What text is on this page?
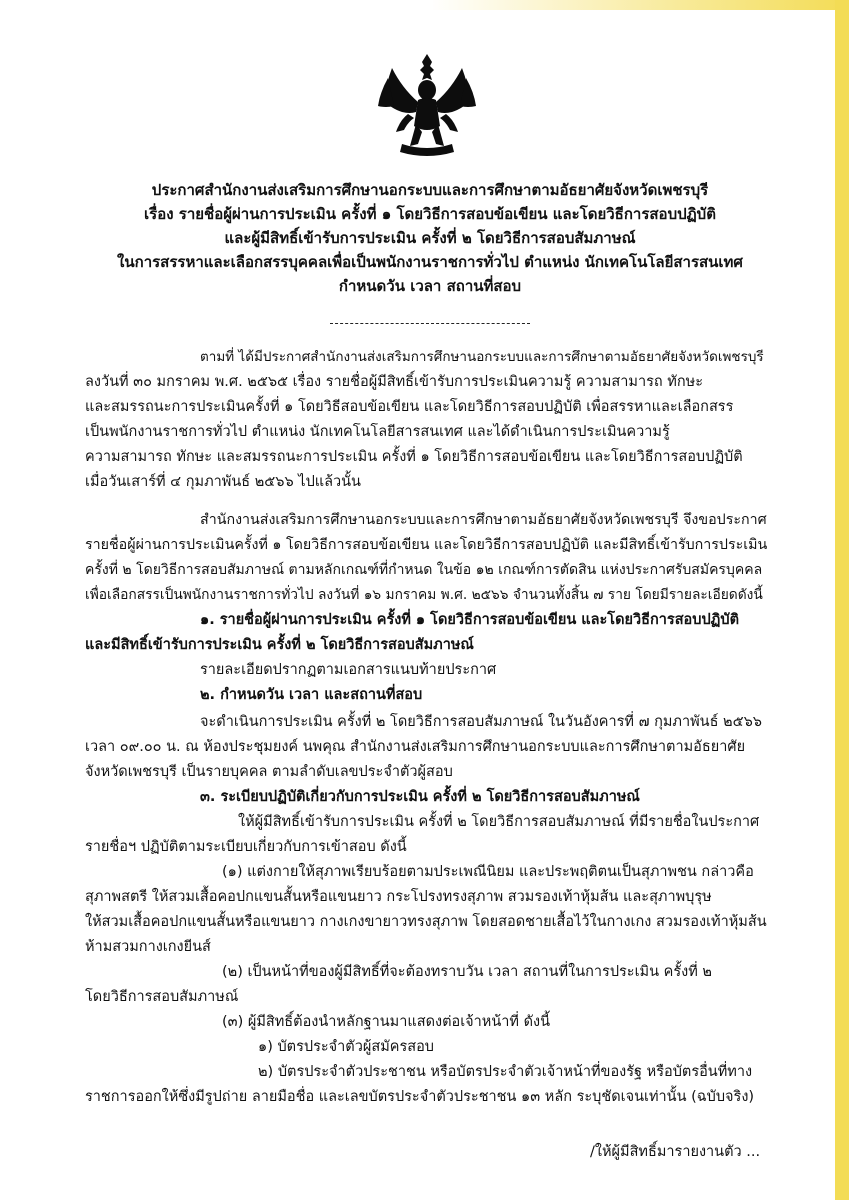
ประกาศสำนักงานส่งเสริมการศึกษานอกระบบและการศึกษาตามอัธยาศัยจังหวัดเพชรบุรี
เรื่อง รายชื่อผู้ผ่านการประเมิน ครั้งที่ ๑ โดยวิธีการสอบข้อเขียน และโดยวิธีการสอบปฏิบัติ
และผู้มีสิทธิ์เข้ารับการประเมิน ครั้งที่ ๒ โดยวิธีการสอบสัมภาษณ์
ในการสรรหาและเลือกสรรบุคคลเพื่อเป็นพนักงานราชการทั่วไป ตำแหน่ง นักเทคโนโลยีสารสนเทศ
กำหนดวัน เวลา สถานที่สอบ
ตามที่ ได้มีประกาศสำนักงานส่งเสริมการศึกษานอกระบบและการศึกษาตามอัธยาศัยจังหวัดเพชรบุรี
ลงวันที่ ๓๐ มกราคม พ.ศ. ๒๕๖๕ เรื่อง รายชื่อผู้มีสิทธิ์เข้ารับการประเมินความรู้ ความสามารถ ทักษะ
และสมรรถนะการประเมินครั้งที่ ๑ โดยวิธีสอบข้อเขียน และโดยวิธีการสอบปฏิบัติ เพื่อสรรหาและเลือกสรร
เป็นพนักงานราชการทั่วไป ตำแหน่ง นักเทคโนโลยีสารสนเทศ และได้ดำเนินการประเมินความรู้
ความสามารถ ทักษะ และสมรรถนะการประเมิน ครั้งที่ ๑ โดยวิธีการสอบข้อเขียน และโดยวิธีการสอบปฏิบัติ
เมื่อวันเสาร์ที่ ๔ กุมภาพันธ์ ๒๕๖๖ ไปแล้วนั้น
สำนักงานส่งเสริมการศึกษานอกระบบและการศึกษาตามอัธยาศัยจังหวัดเพชรบุรี จึงขอประกาศ
รายชื่อผู้ผ่านการประเมินครั้งที่ ๑ โดยวิธีการสอบข้อเขียน และโดยวิธีการสอบปฏิบัติ และมีสิทธิ์เข้ารับการประเมิน
ครั้งที่ ๒ โดยวิธีการสอบสัมภาษณ์ ตามหลักเกณฑ์ที่กำหนด ในข้อ ๑๒ เกณฑ์การตัดสิน แห่งประกาศรับสมัครบุคคล
เพื่อเลือกสรรเป็นพนักงานราชการทั่วไป ลงวันที่ ๑๖ มกราคม พ.ศ. ๒๕๖๖ จำนวนทั้งสิ้น ๗ ราย โดยมีรายละเอียดดังนี้
๑. รายชื่อผู้ผ่านการประเมิน ครั้งที่ ๑ โดยวิธีการสอบข้อเขียน และโดยวิธีการสอบปฏิบัติ
และมีสิทธิ์เข้ารับการประเมิน ครั้งที่ ๒ โดยวิธีการสอบสัมภาษณ์
รายละเอียดปรากฏตามเอกสารแนบท้ายประกาศ
๒. กำหนดวัน เวลา และสถานที่สอบ
จะดำเนินการประเมิน ครั้งที่ ๒ โดยวิธีการสอบสัมภาษณ์ ในวันอังคารที่ ๗ กุมภาพันธ์ ๒๕๖๖
เวลา ๐๙.๐๐ น. ณ ห้องประชุมยงค์ นพคุณ สำนักงานส่งเสริมการศึกษานอกระบบและการศึกษาตามอัธยาศัย
จังหวัดเพชรบุรี เป็นรายบุคคล ตามลำดับเลขประจำตัวผู้สอบ
๓. ระเบียบปฏิบัติเกี่ยวกับการประเมิน ครั้งที่ ๒ โดยวิธีการสอบสัมภาษณ์
ให้ผู้มีสิทธิ์เข้ารับการประเมิน ครั้งที่ ๒ โดยวิธีการสอบสัมภาษณ์ ที่มีรายชื่อในประกาศ
รายชื่อฯ ปฏิบัติตามระเบียบเกี่ยวกับการเข้าสอบ ดังนี้
(๑) แต่งกายให้สุภาพเรียบร้อยตามประเพณีนิยม และประพฤติตนเป็นสุภาพชน กล่าวคือ
สุภาพสตรี ให้สวมเสื้อคอปกแขนสั้นหรือแขนยาว กระโปรงทรงสุภาพ สวมรองเท้าหุ้มส้น และสุภาพบุรุษ
ให้สวมเสื้อคอปกแขนสั้นหรือแขนยาว กางเกงขายาวทรงสุภาพ โดยสอดชายเสื้อไว้ในกางเกง สวมรองเท้าหุ้มส้น
ห้ามสวมกางเกงยีนส์
(๒) เป็นหน้าที่ของผู้มีสิทธิ์ที่จะต้องทราบวัน เวลา สถานที่ในการประเมิน ครั้งที่ ๒
โดยวิธีการสอบสัมภาษณ์
(๓) ผู้มีสิทธิ์ต้องนำหลักฐานมาแสดงต่อเจ้าหน้าที่ ดังนี้
๑) บัตรประจำตัวผู้สมัครสอบ
๒) บัตรประจำตัวประชาชน หรือบัตรประจำตัวเจ้าหน้าที่ของรัฐ หรือบัตรอื่นที่ทาง
ราชการออกให้ซึ่งมีรูปถ่าย ลายมือชื่อ และเลขบัตรประจำตัวประชาชน ๑๓ หลัก ระบุชัดเจนเท่านั้น (ฉบับจริง)
/ให้ผู้มีสิทธิ์มารายงานตัว ...
